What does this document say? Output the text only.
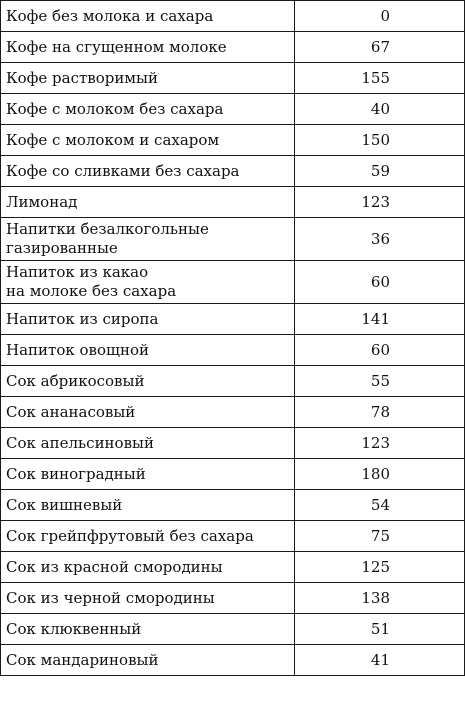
Кофе без молока и сахара	0
Кофе на сгущенном молоке	67
Кофе растворимый	155
Кофе с молоком без сахара	40
Кофе с молоком и сахаром	150
Кофе со сливками без сахара	59
Лимонад	123
Напитки безалкогольные
газированные	36
Напиток из какао
на молоке без сахара	60
Напиток из сиропа	141
Напиток овощной	60
Сок абрикосовый	55
Сок ананасовый	78
Сок апельсиновый	123
Сок виноградный	180
Сок вишневый	54
Сок грейпфрутовый без сахара	75
Сок из красной смородины	125
Сок из черной смородины	138
Сок клюквенный	51
Сок мандариновый	41
